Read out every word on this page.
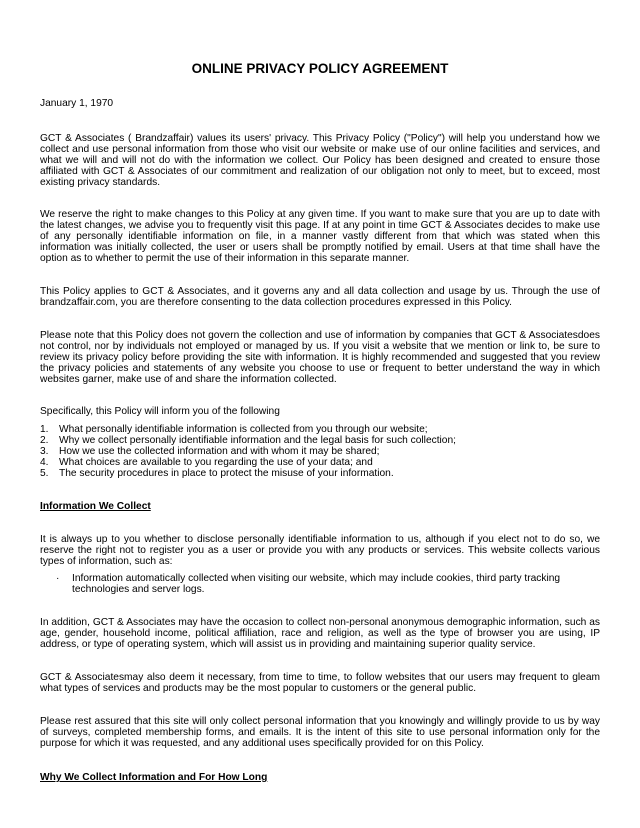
ONLINE PRIVACY POLICY AGREEMENT
January 1, 1970
GCT & Associates ( Brandzaffair) values its users' privacy. This Privacy Policy ("Policy") will help you understand how we collect and use personal information from those who visit our website or make use of our online facilities and services, and what we will and will not do with the information we collect. Our Policy has been designed and created to ensure those affiliated with GCT & Associates of our commitment and realization of our obligation not only to meet, but to exceed, most existing privacy standards.
We reserve the right to make changes to this Policy at any given time. If you want to make sure that you are up to date with the latest changes, we advise you to frequently visit this page. If at any point in time GCT & Associates decides to make use of any personally identifiable information on file, in a manner vastly different from that which was stated when this information was initially collected, the user or users shall be promptly notified by email. Users at that time shall have the option as to whether to permit the use of their information in this separate manner.
This Policy applies to GCT & Associates, and it governs any and all data collection and usage by us. Through the use of brandzaffair.com, you are therefore consenting to the data collection procedures expressed in this Policy.
Please note that this Policy does not govern the collection and use of information by companies that GCT & Associatesdoes not control, nor by individuals not employed or managed by us. If you visit a website that we mention or link to, be sure to review its privacy policy before providing the site with information. It is highly recommended and suggested that you review the privacy policies and statements of any website you choose to use or frequent to better understand the way in which websites garner, make use of and share the information collected.
Specifically, this Policy will inform you of the following
1. What personally identifiable information is collected from you through our website;
2. Why we collect personally identifiable information and the legal basis for such collection;
3. How we use the collected information and with whom it may be shared;
4. What choices are available to you regarding the use of your data; and
5. The security procedures in place to protect the misuse of your information.
Information We Collect
It is always up to you whether to disclose personally identifiable information to us, although if you elect not to do so, we reserve the right not to register you as a user or provide you with any products or services. This website collects various types of information, such as:
·	Information automatically collected when visiting our website, which may include cookies, third party tracking technologies and server logs.
In addition, GCT & Associates may have the occasion to collect non-personal anonymous demographic information, such as age, gender, household income, political affiliation, race and religion, as well as the type of browser you are using, IP address, or type of operating system, which will assist us in providing and maintaining superior quality service.
GCT & Associatesmay also deem it necessary, from time to time, to follow websites that our users may frequent to gleam what types of services and products may be the most popular to customers or the general public.
Please rest assured that this site will only collect personal information that you knowingly and willingly provide to us by way of surveys, completed membership forms, and emails. It is the intent of this site to use personal information only for the purpose for which it was requested, and any additional uses specifically provided for on this Policy.
Why We Collect Information and For How Long
